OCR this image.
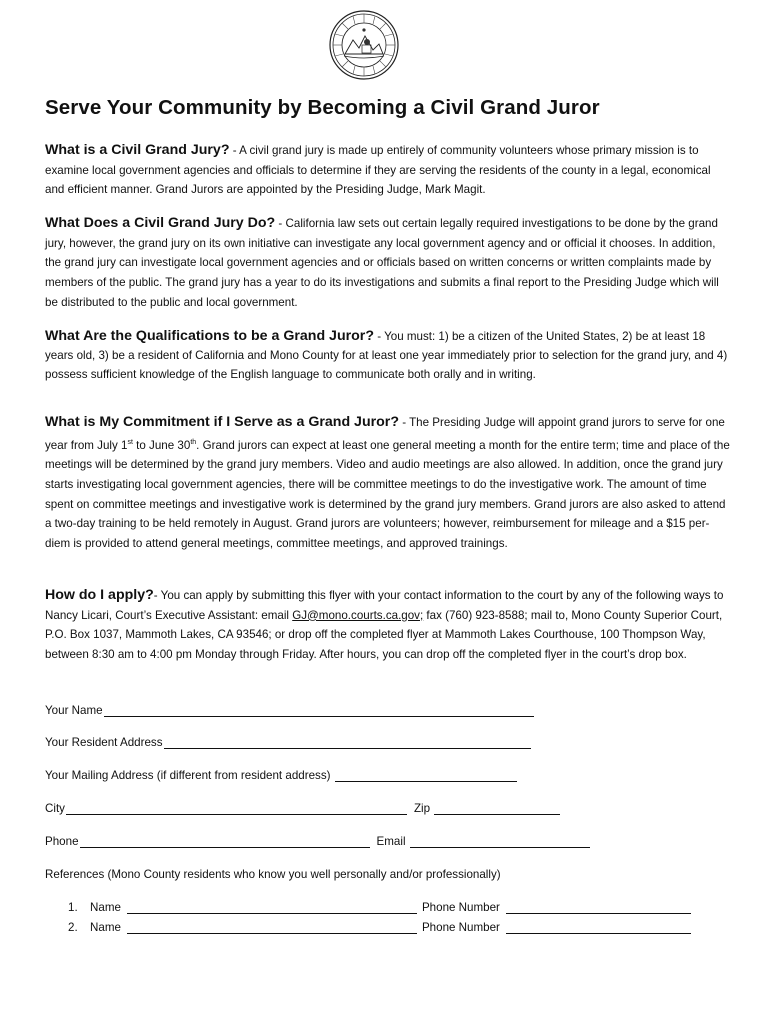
Serve Your Community by Becoming a Civil Grand Juror

What is a Civil Grand Jury? - A civil grand jury is made up entirely of community volunteers whose primary mission is to examine local government agencies and officials to determine if they are serving the residents of the county in a legal, economical and efficient manner. Grand Jurors are appointed by the Presiding Judge, Mark Magit.

What Does a Civil Grand Jury Do? - California law sets out certain legally required investigations to be done by the grand jury, however, the grand jury on its own initiative can investigate any local government agency and or official it chooses. In addition, the grand jury can investigate local government agencies and or officials based on written concerns or written complaints made by members of the public. The grand jury has a year to do its investigations and submits a final report to the Presiding Judge which will be distributed to the public and local government.

What Are the Qualifications to be a Grand Juror? - You must: 1) be a citizen of the United States, 2) be at least 18 years old, 3) be a resident of California and Mono County for at least one year immediately prior to selection for the grand jury, and 4) possess sufficient knowledge of the English language to communicate both orally and in writing.

What is My Commitment if I Serve as a Grand Juror? - The Presiding Judge will appoint grand jurors to serve for one year from July 1st to June 30th. Grand jurors can expect at least one general meeting a month for the entire term; time and place of the meetings will be determined by the grand jury members. Video and audio meetings are also allowed. In addition, once the grand jury starts investigating local government agencies, there will be committee meetings to do the investigative work. The amount of time spent on committee meetings and investigative work is determined by the grand jury members. Grand jurors are also asked to attend a two-day training to be held remotely in August. Grand jurors are volunteers; however, reimbursement for mileage and a $15 per-diem is provided to attend general meetings, committee meetings, and approved trainings.

How do I apply?- You can apply by submitting this flyer with your contact information to the court by any of the following ways to Nancy Licari, Court’s Executive Assistant: email GJ@mono.courts.ca.gov; fax (760) 923-8588; mail to, Mono County Superior Court, P.O. Box 1037, Mammoth Lakes, CA 93546; or drop off the completed flyer at Mammoth Lakes Courthouse, 100 Thompson Way, between 8:30 am to 4:00 pm Monday through Friday. After hours, you can drop off the completed flyer in the court’s drop box.

Your Name
Your Resident Address
Your Mailing Address (if different from resident address)
City	Zip
Phone	Email
References (Mono County residents who know you well personally and/or professionally)
1.	Name	Phone Number
2.	Name	Phone Number
